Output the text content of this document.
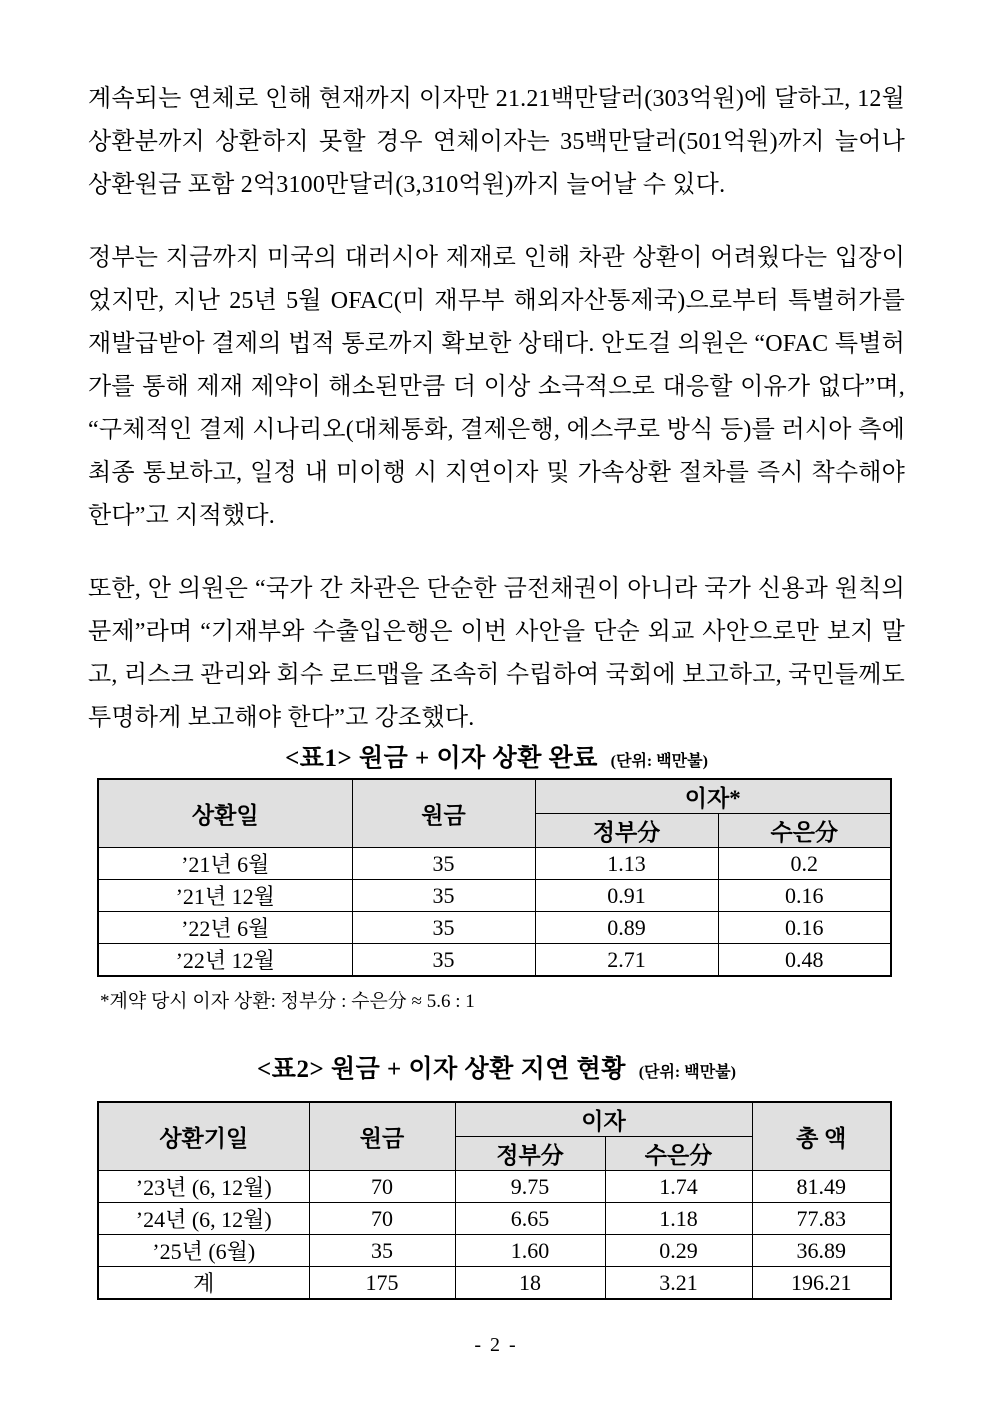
계속되는 연체로 인해 현재까지 이자만 21.21백만달러(303억원)에 달하고, 12월 상환분까지 상환하지 못할 경우 연체이자는 35백만달러(501억원)까지 늘어나 상환원금 포함 2억3100만달러(3,310억원)까지 늘어날 수 있다.

정부는 지금까지 미국의 대러시아 제재로 인해 차관 상환이 어려웠다는 입장이었지만, 지난 25년 5월 OFAC(미 재무부 해외자산통제국)으로부터 특별허가를 재발급받아 결제의 법적 통로까지 확보한 상태다. 안도걸 의원은 “OFAC 특별허가를 통해 제재 제약이 해소된만큼 더 이상 소극적으로 대응할 이유가 없다”며, “구체적인 결제 시나리오(대체통화, 결제은행, 에스쿠로 방식 등)를 러시아 측에 최종 통보하고, 일정 내 미이행 시 지연이자 및 가속상환 절차를 즉시 착수해야 한다”고 지적했다.

또한, 안 의원은 “국가 간 차관은 단순한 금전채권이 아니라 국가 신용과 원칙의 문제”라며 “기재부와 수출입은행은 이번 사안을 단순 외교 사안으로만 보지 말고, 리스크 관리와 회수 로드맵을 조속히 수립하여 국회에 보고하고, 국민들께도 투명하게 보고해야 한다”고 강조했다.

<표1> 원금 + 이자 상환 완료 (단위: 백만불)
상환일	원금	이자*	
		정부分	수은分
’21년 6월	35	1.13	0.2
’21년 12월	35	0.91	0.16
’22년 6월	35	0.89	0.16
’22년 12월	35	2.71	0.48

*계약 당시 이자 상환: 정부分 : 수은分 ≈ 5.6 : 1

<표2> 원금 + 이자 상환 지연 현황 (단위: 백만불)
상환기일	원금	이자		총 액
		정부分	수은分	
’23년 (6, 12월)	70	9.75	1.74	81.49
’24년 (6, 12월)	70	6.65	1.18	77.83
’25년 (6월)	35	1.60	0.29	36.89
계	175	18	3.21	196.21
- 2 -
